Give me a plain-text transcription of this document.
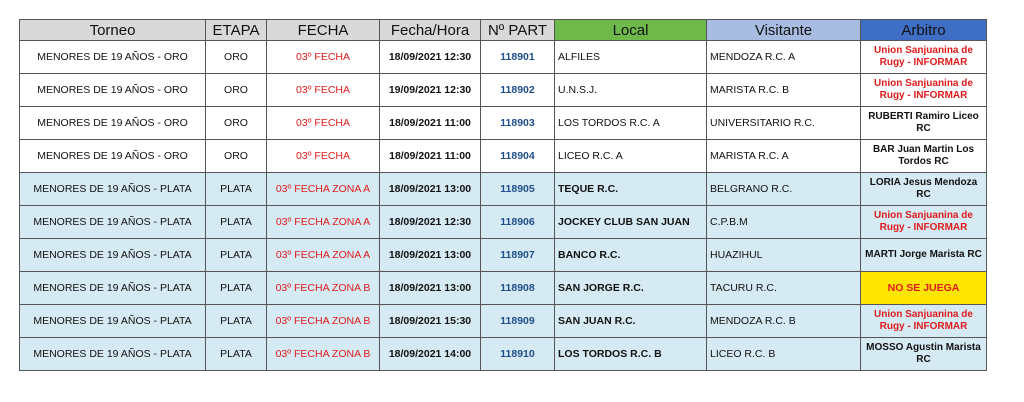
Torneo	ETAPA	FECHA	Fecha/Hora	Nº PART	Local	Visitante	Arbitro
MENORES DE 19 AÑOS - ORO	ORO	03º FECHA	18/09/2021 12:30	118901	ALFILES	MENDOZA R.C. A	Union Sanjuanina de Rugy - INFORMAR
MENORES DE 19 AÑOS - ORO	ORO	03º FECHA	19/09/2021 12:30	118902	U.N.S.J.	MARISTA R.C. B	Union Sanjuanina de Rugy - INFORMAR
MENORES DE 19 AÑOS - ORO	ORO	03º FECHA	18/09/2021 11:00	118903	LOS TORDOS R.C. A	UNIVERSITARIO R.C.	RUBERTI Ramiro Liceo RC
MENORES DE 19 AÑOS - ORO	ORO	03º FECHA	18/09/2021 11:00	118904	LICEO R.C. A	MARISTA R.C. A	BAR Juan Martin Los Tordos RC
MENORES DE 19 AÑOS - PLATA	PLATA	03º FECHA ZONA A	18/09/2021 13:00	118905	TEQUE R.C.	BELGRANO R.C.	LORIA Jesus Mendoza RC
MENORES DE 19 AÑOS - PLATA	PLATA	03º FECHA ZONA A	18/09/2021 12:30	118906	JOCKEY CLUB SAN JUAN	C.P.B.M	Union Sanjuanina de Rugy - INFORMAR
MENORES DE 19 AÑOS - PLATA	PLATA	03º FECHA ZONA A	18/09/2021 13:00	118907	BANCO R.C.	HUAZIHUL	MARTI Jorge Marista RC
MENORES DE 19 AÑOS - PLATA	PLATA	03º FECHA ZONA B	18/09/2021 13:00	118908	SAN JORGE R.C.	TACURU R.C.	NO SE JUEGA
MENORES DE 19 AÑOS - PLATA	PLATA	03º FECHA ZONA B	18/09/2021 15:30	118909	SAN JUAN R.C.	MENDOZA R.C. B	Union Sanjuanina de Rugy - INFORMAR
MENORES DE 19 AÑOS - PLATA	PLATA	03º FECHA ZONA B	18/09/2021 14:00	118910	LOS TORDOS R.C. B	LICEO R.C. B	MOSSO Agustin Marista RC
